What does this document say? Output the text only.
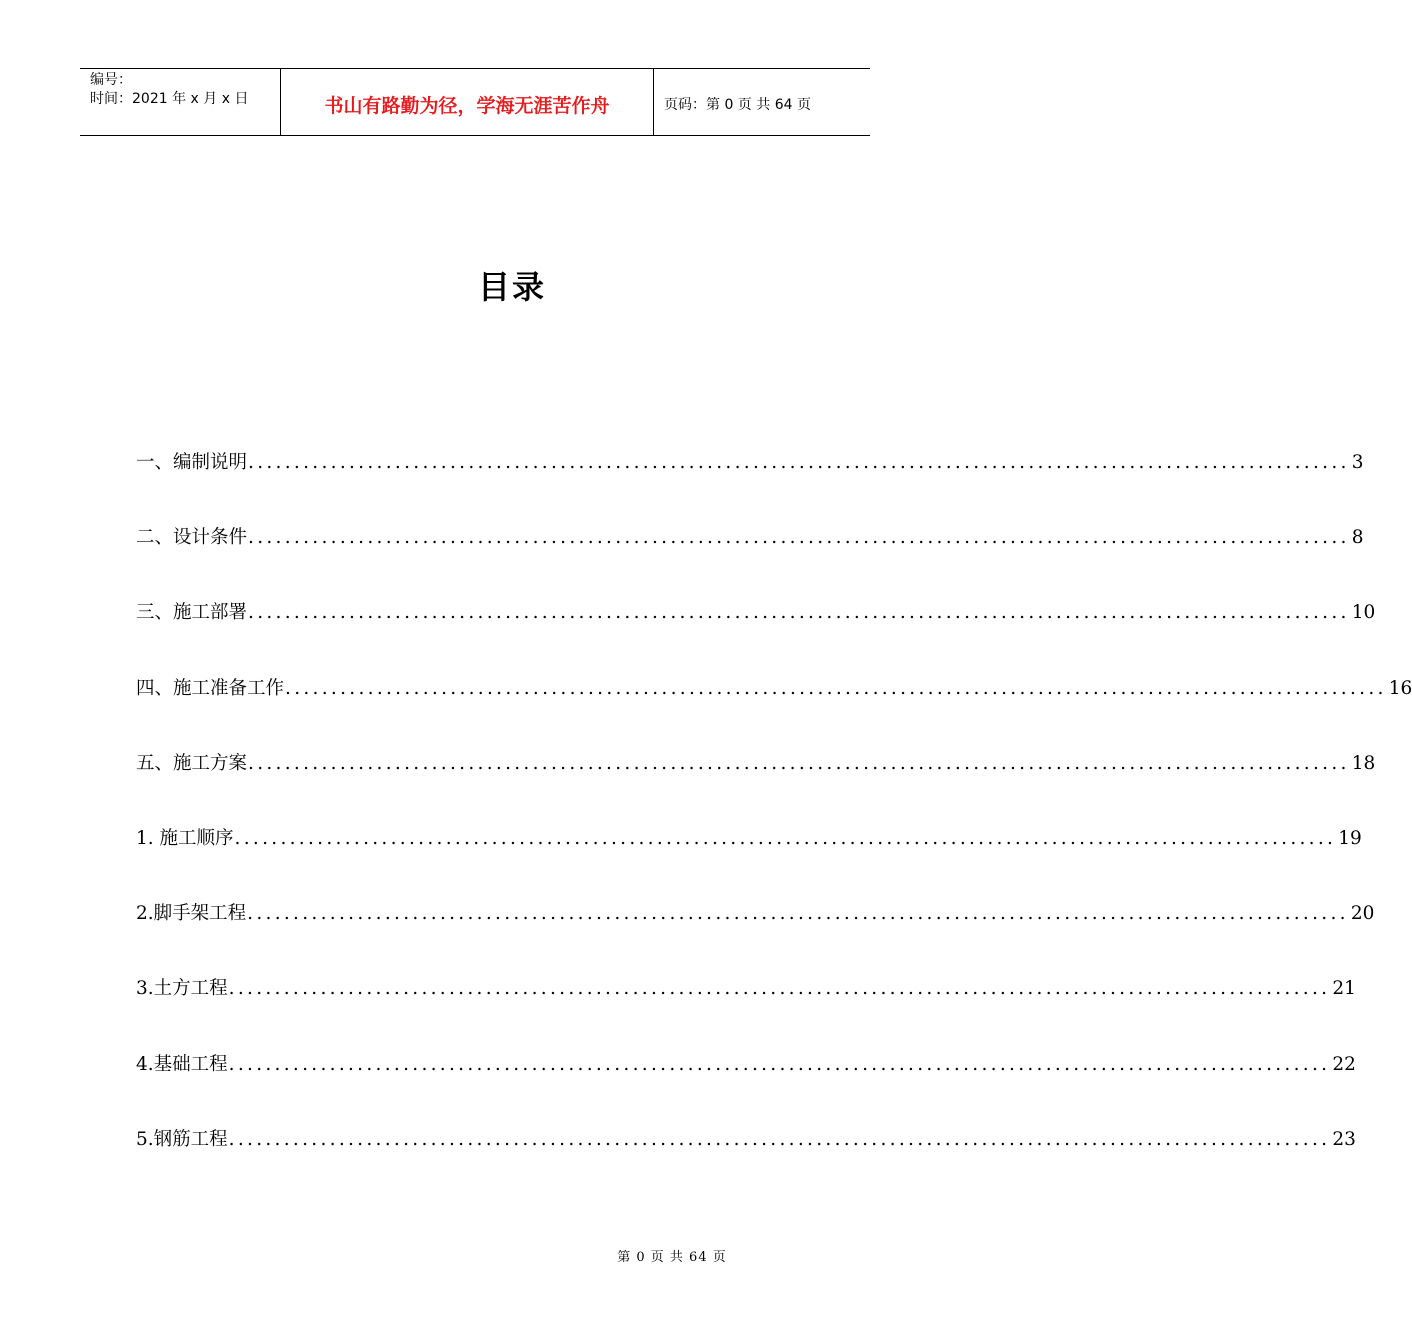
编号：
时间：2021 年 x 月 x 日	书山有路勤为径，学海无涯苦作舟	页码：第 0 页 共 64 页
目录
一、编制说明 ........................................................................................................................ 3
二、设计条件 ........................................................................................................................ 8
三、施工部署 ........................................................................................................................ 10
四、施工准备工作 ........................................................................................................................ 16
五、施工方案 ........................................................................................................................ 18
1. 施工顺序 ........................................................................................................................ 19
2.脚手架工程 ........................................................................................................................ 20
3.土方工程 ........................................................................................................................ 21
4.基础工程 ........................................................................................................................ 22
5.钢筋工程 ........................................................................................................................ 23
第 0 页 共 64 页
